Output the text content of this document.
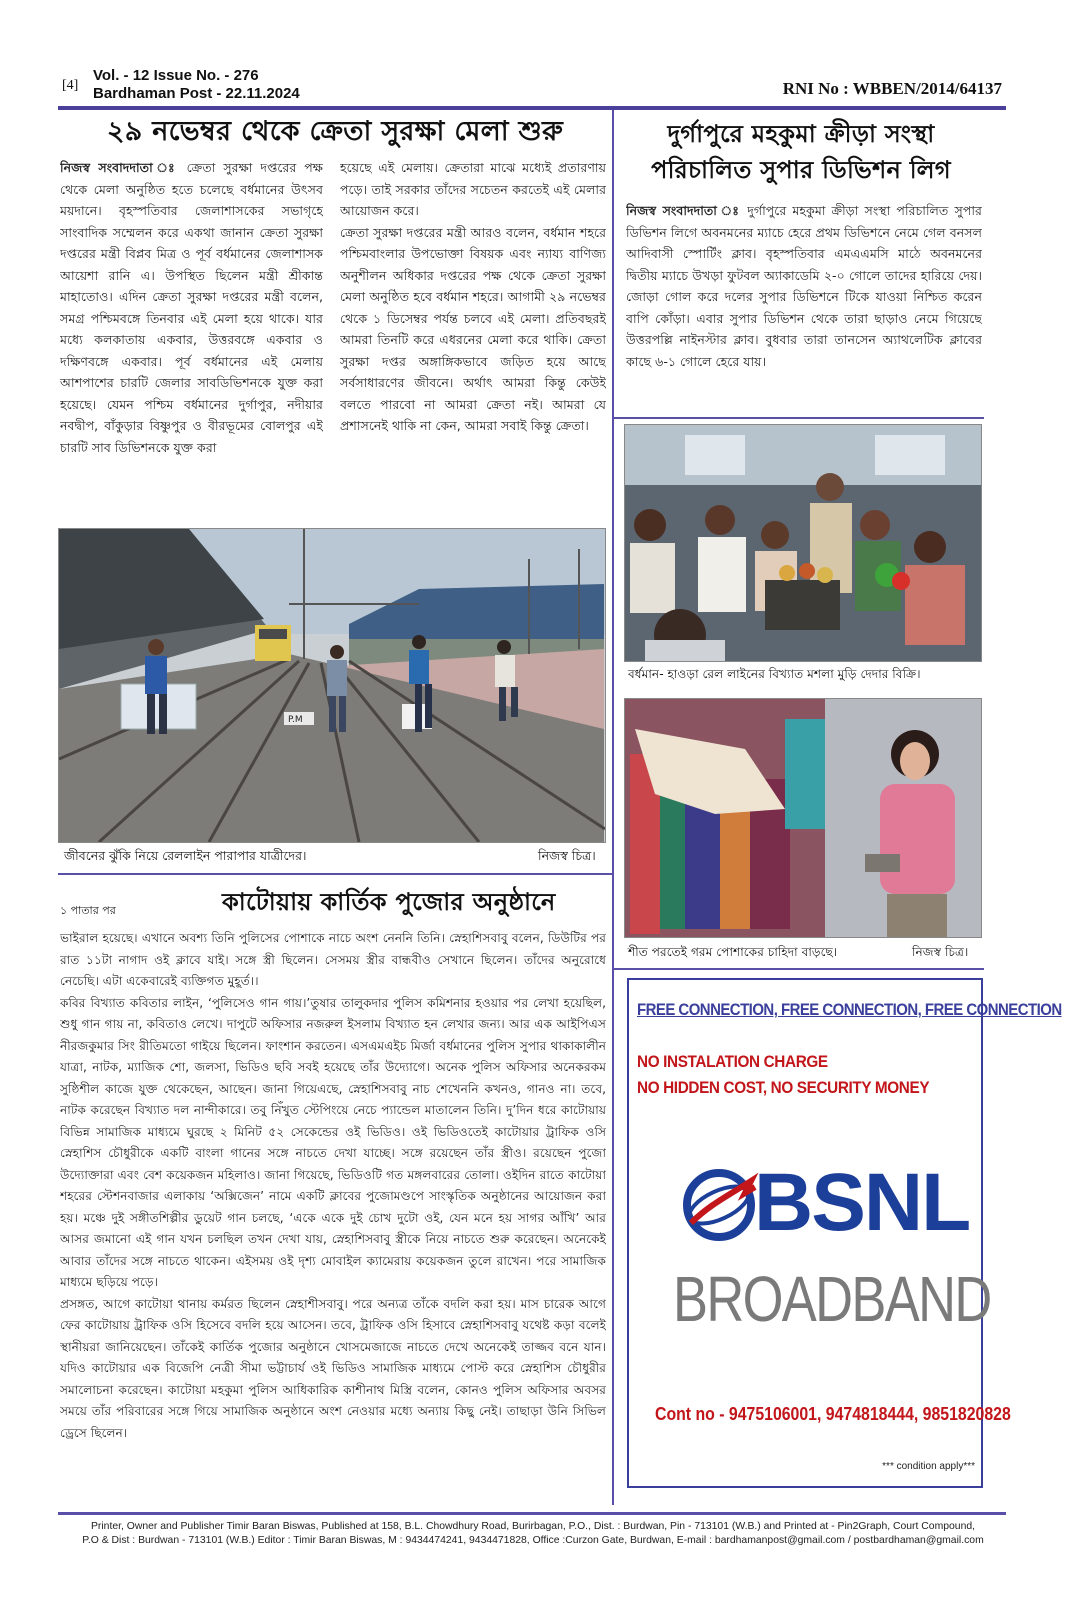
[4]
Vol. - 12 Issue No. - 276
Bardhaman Post - 22.11.2024	RNI No : WBBEN/2014/64137
২৯ নভেম্বর থেকে ক্রেতা সুরক্ষা মেলা শুরু

নিজস্ব সংবাদদাতা ঃ ক্রেতা সুরক্ষা দপ্তরের পক্ষ থেকে মেলা অনুষ্ঠিত হতে চলেছে বর্ধমানের উৎসব ময়দানে। বৃহস্পতিবার জেলাশাসকের সভাগৃহে সাংবাদিক সম্মেলন করে একথা জানান ক্রেতা সুরক্ষা দপ্তরের মন্ত্রী বিপ্লব মিত্র ও পূর্ব বর্ধমানের জেলাশাসক আয়েশা রানি এ। উপস্থিত ছিলেন মন্ত্রী শ্রীকান্ত মাহাতোও। এদিন ক্রেতা সুরক্ষা দপ্তরের মন্ত্রী বলেন, সমগ্র পশ্চিমবঙ্গে তিনবার এই মেলা হয়ে থাকে। যার মধ্যে কলকাতায় একবার, উত্তরবঙ্গে একবার ও দক্ষিণবঙ্গে একবার। পূর্ব বর্ধমানের এই মেলায় আশপাশের চারটি জেলার সাবডিভিশনকে যুক্ত করা হয়েছে। যেমন পশ্চিম বর্ধমানের দুর্গাপুর, নদীয়ার নবদ্বীপ, বাঁকুড়ার বিষ্ণুপুর ও বীরভূমের বোলপুর এই চারটি সাব ডিভিশনকে যুক্ত করা

হয়েছে এই মেলায়। ক্রেতারা মাঝে মধ্যেই প্রতারণায় পড়ে। তাই সরকার তাঁদের সচেতন করতেই এই মেলার আয়োজন করে।

ক্রেতা সুরক্ষা দপ্তরের মন্ত্রী আরও বলেন, বর্ধমান শহরে পশ্চিমবাংলার উপভোক্তা বিষয়ক এবং ন্যায্য বাণিজ্য অনুশীলন অধিকার দপ্তরের পক্ষ থেকে ক্রেতা সুরক্ষা মেলা অনুষ্ঠিত হবে বর্ধমান শহরে। আগামী ২৯ নভেম্বর থেকে ১ ডিসেম্বর পর্যন্ত চলবে এই মেলা। প্রতিবছরই আমরা তিনটি করে এধরনের মেলা করে থাকি। ক্রেতা সুরক্ষা দপ্তর অঙ্গাঙ্গিকভাবে জড়িত হয়ে আছে সর্বসাধারণের জীবনে। অর্থাৎ আমরা কিন্তু কেউই বলতে পারবো না আমরা ক্রেতা নই। আমরা যে প্রশাসনেই থাকি না কেন, আমরা সবাই কিন্তু ক্রেতা।

P.M
জীবনের ঝুঁকি নিয়ে রেললাইন পারাপার যাত্রীদের।	নিজস্ব চিত্র।
১ পাতার পর	কাটোয়ায় কার্তিক পুজোর অনুষ্ঠানে

ভাইরাল হয়েছে। এখানে অবশ্য তিনি পুলিসের পোশাকে নাচে অংশ নেননি তিনি। স্নেহাশিসবাবু বলেন, ডিউটির পর রাত ১১টা নাগাদ ওই ক্লাবে যাই। সঙ্গে স্ত্রী ছিলেন। সেসময় স্ত্রীর বান্ধবীও সেখানে ছিলেন। তাঁদের অনুরোধে নেচেছি। এটা একেবারেই ব্যক্তিগত মুহূর্ত।।

কবির বিখ্যাত কবিতার লাইন, ‘পুলিসেও গান গায়।’তুষার তালুকদার পুলিস কমিশনার হওয়ার পর লেখা হয়েছিল, শুধু গান গায় না, কবিতাও লেখে। দাপুটে অফিসার নজরুল ইসলাম বিখ্যাত হন লেখার জন্য। আর এক আইপিএস নীরজকুমার সিং রীতিমতো গাইয়ে ছিলেন। ফাংশান করতেন। এসএমএইচ মির্জা বর্ধমানের পুলিস সুপার থাকাকালীন যাত্রা, নাটক, ম্যাজিক শো, জলসা, ভিডিও ছবি সবই হয়েছে তাঁর উদ্যোগে। অনেক পুলিস অফিসার অনেকরকম সুষ্ঠিশীল কাজে যুক্ত থেকেছেন, আছেন। জানা গিয়েএছে, স্নেহাশিসবাবু নাচ শেখেননি কখনও, গানও না। তবে, নাটক করেছেন বিখ্যাত দল নান্দীকারে। তবু নিঁখুত স্টেপিংয়ে নেচে প্যান্ডেল মাতালেন তিনি। দু’দিন ধরে কাটোয়ায় বিভিন্ন সামাজিক মাধ্যমে ঘুরছে ২ মিনিট ৫২ সেকেন্ডের ওই ভিডিও। ওই ভিডিওতেই কাটোয়ার ট্রাফিক ওসি স্নেহাশিস চৌধুরীকে একটি বাংলা গানের সঙ্গে নাচতে দেখা যাচ্ছে। সঙ্গে রয়েছেন তাঁর স্ত্রীও। রয়েছেন পুজো উদ্যোক্তারা এবং বেশ কয়েকজন মহিলাও। জানা গিয়েছে, ভিডিওটি গত মঙ্গলবারের তোলা। ওইদিন রাতে কাটোয়া শহরের স্টেশনবাজার এলাকায় ‘অক্সিজেন’ নামে একটি ক্লাবের পুজোমণ্ডপে সাংস্কৃতিক অনুষ্ঠানের আয়োজন করা হয়। মঞ্চে দুই সঙ্গীতশিল্পীর ডুয়েট গান চলছে, ‘একে একে দুই চোখ দুটো ওই, যেন মনে হয় সাগর আঁখি’ আর আসর জমানো এই গান যখন চলছিল তখন দেখা যায়, স্নেহাশিসবাবু স্ত্রীকে নিয়ে নাচতে শুরু করেছেন। অনেকেই আবার তাঁদের সঙ্গে নাচতে থাকেন। এইসময় ওই দৃশ্য মোবাইল ক্যামেরায় কয়েকজন তুলে রাখেন। পরে সামাজিক মাধ্যমে ছড়িয়ে পড়ে।

প্রসঙ্গত, আগে কাটোয়া থানায় কর্মরত ছিলেন স্নেহাশীসবাবু। পরে অন্যত্র তাঁকে বদলি করা হয়। মাস চারেক আগে ফের কাটোয়ায় ট্রাফিক ওসি হিসেবে বদলি হয়ে আসেন। তবে, ট্রাফিক ওসি হিসাবে স্নেহাশিসবাবু যথেষ্ট কড়া বলেই স্থানীয়রা জানিয়েছেন। তাঁকেই কার্তিক পুজোর অনুষ্ঠানে খোসমেজাজে নাচতে দেখে অনেকেই তাজ্জব বনে যান। যদিও কাটোয়ার এক বিজেপি নেত্রী সীমা ভট্টাচার্য ওই ভিডিও সামাজিক মাধ্যমে পোস্ট করে স্নেহাশিস চৌধুরীর সমালোচনা করেছেন। কাটোয়া মহকুমা পুলিস আধিকারিক কাশীনাথ মিস্ত্রি বলেন, কোনও পুলিস অফিসার অবসর সময়ে তাঁর পরিবারের সঙ্গে গিয়ে সামাজিক অনুষ্ঠানে অংশ নেওয়ার মধ্যে অন্যায় কিছু নেই। তাছাড়া উনি সিভিল ড্রেসে ছিলেন।

দুর্গাপুরে মহকুমা ক্রীড়া সংস্থা
পরিচালিত সুপার ডিভিশন লিগ

নিজস্ব সংবাদদাতা ঃ দুর্গাপুরে মহকুমা ক্রীড়া সংস্থা পরিচালিত সুপার ডিভিশন লিগে অবনমনের ম্যাচে হেরে প্রথম ডিভিশনে নেমে গেল বনসল আদিবাসী স্পোর্টিং ক্লাব। বৃহস্পতিবার এমএএমসি মাঠে অবনমনের দ্বিতীয় ম্যাচে উখড়া ফুটবল অ্যাকাডেমি ২-০ গোলে তাদের হারিয়ে দেয়। জোড়া গোল করে দলের সুপার ডিভিশনে টিকে যাওয়া নিশ্চিত করেন বাপি কোঁড়া। এবার সুপার ডিভিশন থেকে তারা ছাড়াও নেমে গিয়েছে উত্তরপল্লি নাইনস্টার ক্লাব। বুধবার তারা তানসেন অ্যাথলেটিক ক্লাবের কাছে ৬-১ গোলে হেরে যায়।

বর্ধমান- হাওড়া রেল লাইনের বিখ্যাত মশলা মুড়ি দেদার বিক্রি।
শীত পরতেই গরম পোশাকের চাহিদা বাড়ছে।	নিজস্ব চিত্র।
FREE CONNECTION, FREE CONNECTION, FREE CONNECTION
NO INSTALATION CHARGE
NO HIDDEN COST, NO SECURITY MONEY
BSNL
BROADBAND
Cont no - 9475106001, 9474818444, 9851820828
*** condition apply***
Printer, Owner and Publisher Timir Baran Biswas, Published at 158, B.L. Chowdhury Road, Burirbagan, P.O., Dist. : Burdwan, Pin - 713101 (W.B.) and Printed at - Pin2Graph, Court Compound,
P.O & Dist : Burdwan - 713101 (W.B.) Editor : Timir Baran Biswas, M : 9434474241, 9434471828, Office :Curzon Gate, Burdwan, E-mail : bardhamanpost@gmail.com / postbardhaman@gmail.com
